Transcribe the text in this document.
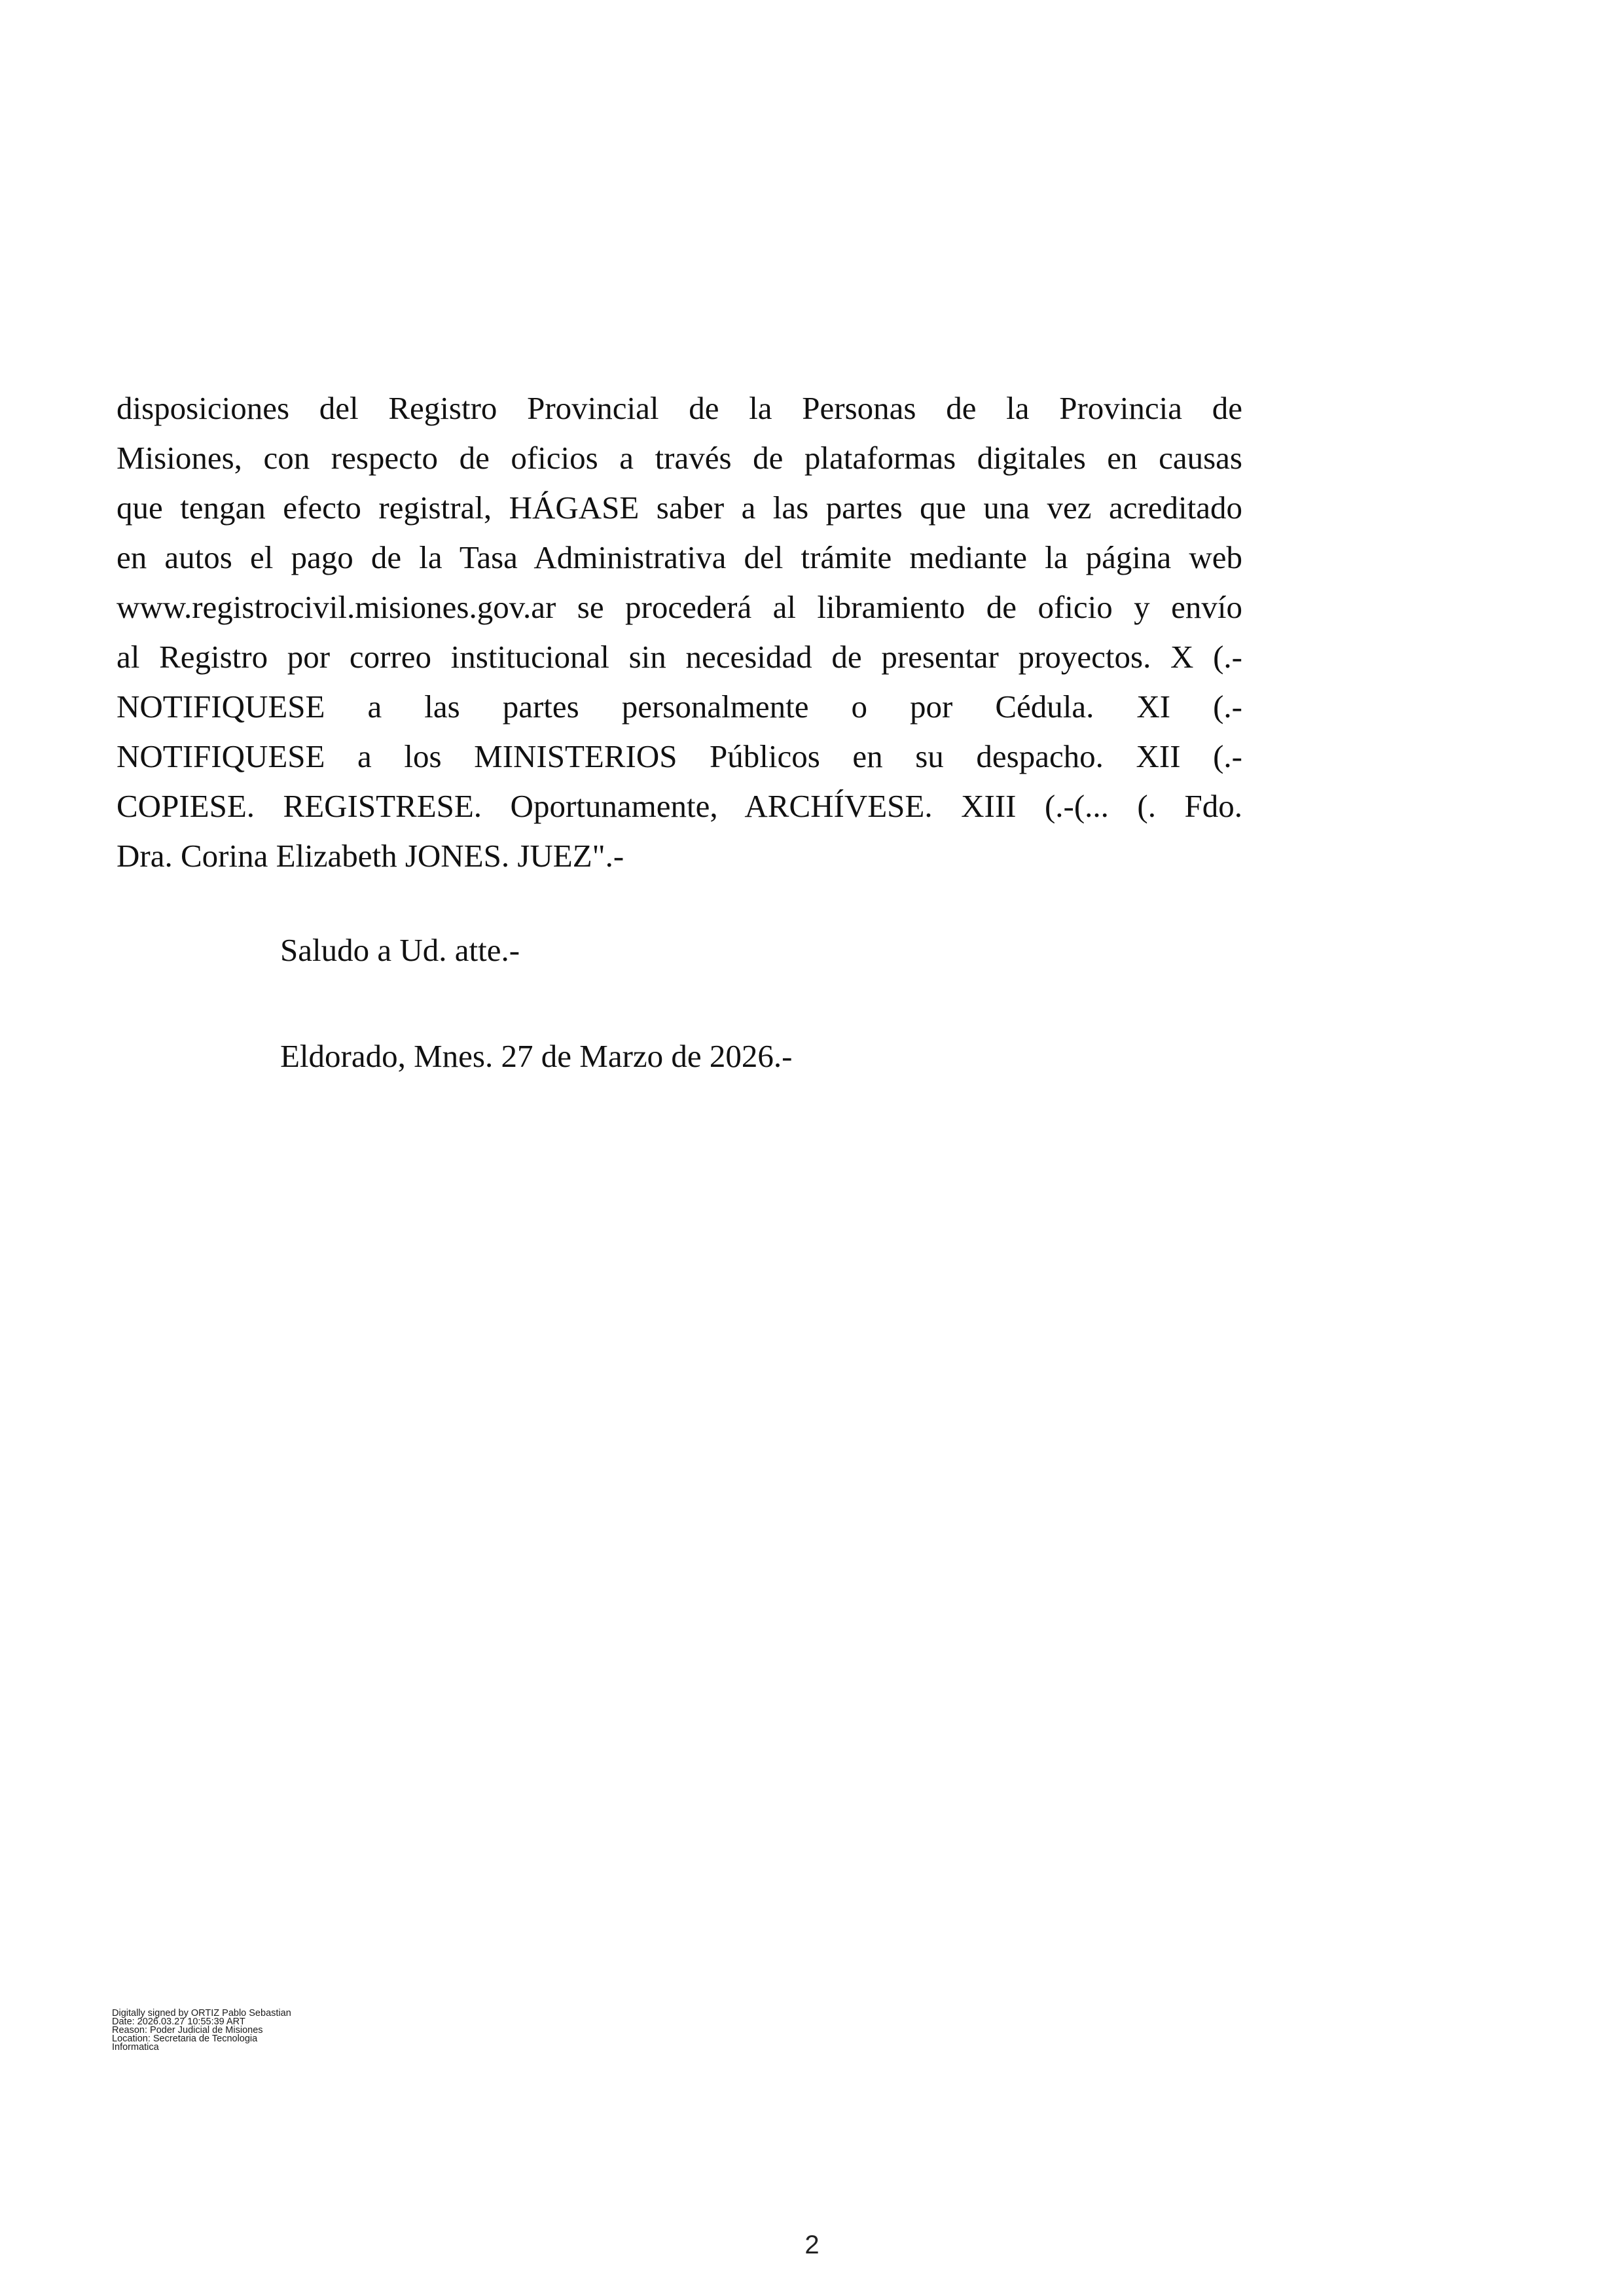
disposiciones del Registro Provincial de la Personas de la Provincia de
Misiones, con respecto de oficios a través de plataformas digitales en causas
que tengan efecto registral, HÁGASE saber a las partes que una vez acreditado
en autos el pago de la Tasa Administrativa del trámite mediante la página web
www.registrocivil.misiones.gov.ar se procederá al libramiento de oficio y envío
al Registro por correo institucional sin necesidad de presentar proyectos. X (.-
NOTIFIQUESE a las partes personalmente o por Cédula. XI (.-
NOTIFIQUESE a los MINISTERIOS Públicos en su despacho. XII (.-
COPIESE. REGISTRESE. Oportunamente, ARCHÍVESE. XIII (.-(... (. Fdo.
Dra. Corina Elizabeth JONES. JUEZ".-
Saludo a Ud. atte.-
Eldorado, Mnes. 27 de Marzo de 2026.-
Digitally signed by ORTIZ Pablo Sebastian
Date: 2026.03.27 10:55:39 ART
Reason: Poder Judicial de Misiones
Location: Secretaria de Tecnologia
Informatica
2
